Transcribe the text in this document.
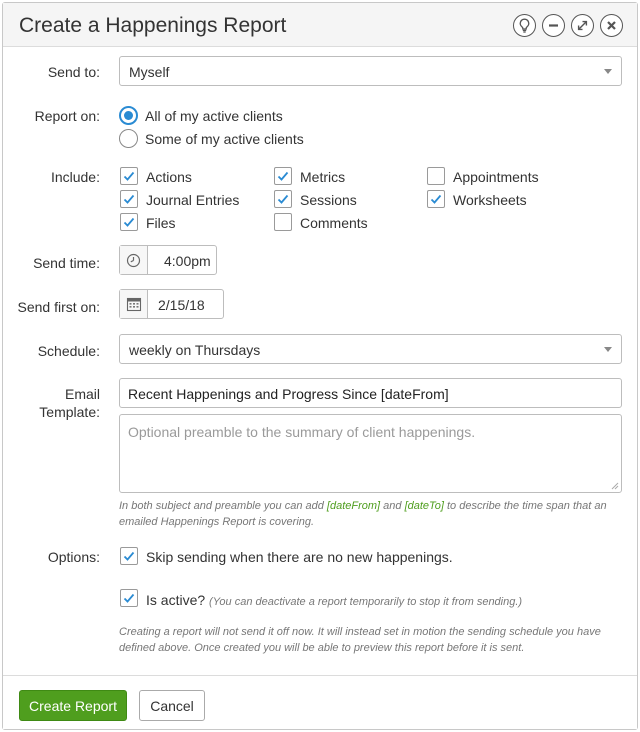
Create a Happenings Report
Send to: Myself
Report on:	All of my active clients
Some of my active clients
Include:	Actions	Metrics	Appointments
Journal Entries	Sessions	Worksheets
Files	Comments
Send time:	4:00pm
Send first on:	2/15/18
Schedule: weekly on Thursdays
Email
Template:
Recent Happenings and Progress Since [dateFrom]
Optional preamble to the summary of client happenings.
In both subject and preamble you can add [dateFrom] and [dateTo] to describe the time span that an emailed Happenings Report is covering.
Options:	Skip sending when there are no new happenings.
Is active? (You can deactivate a report temporarily to stop it from sending.)
Creating a report will not send it off now. It will instead set in motion the sending schedule you have defined above. Once created you will be able to preview this report before it is sent.
Create Report	Cancel
